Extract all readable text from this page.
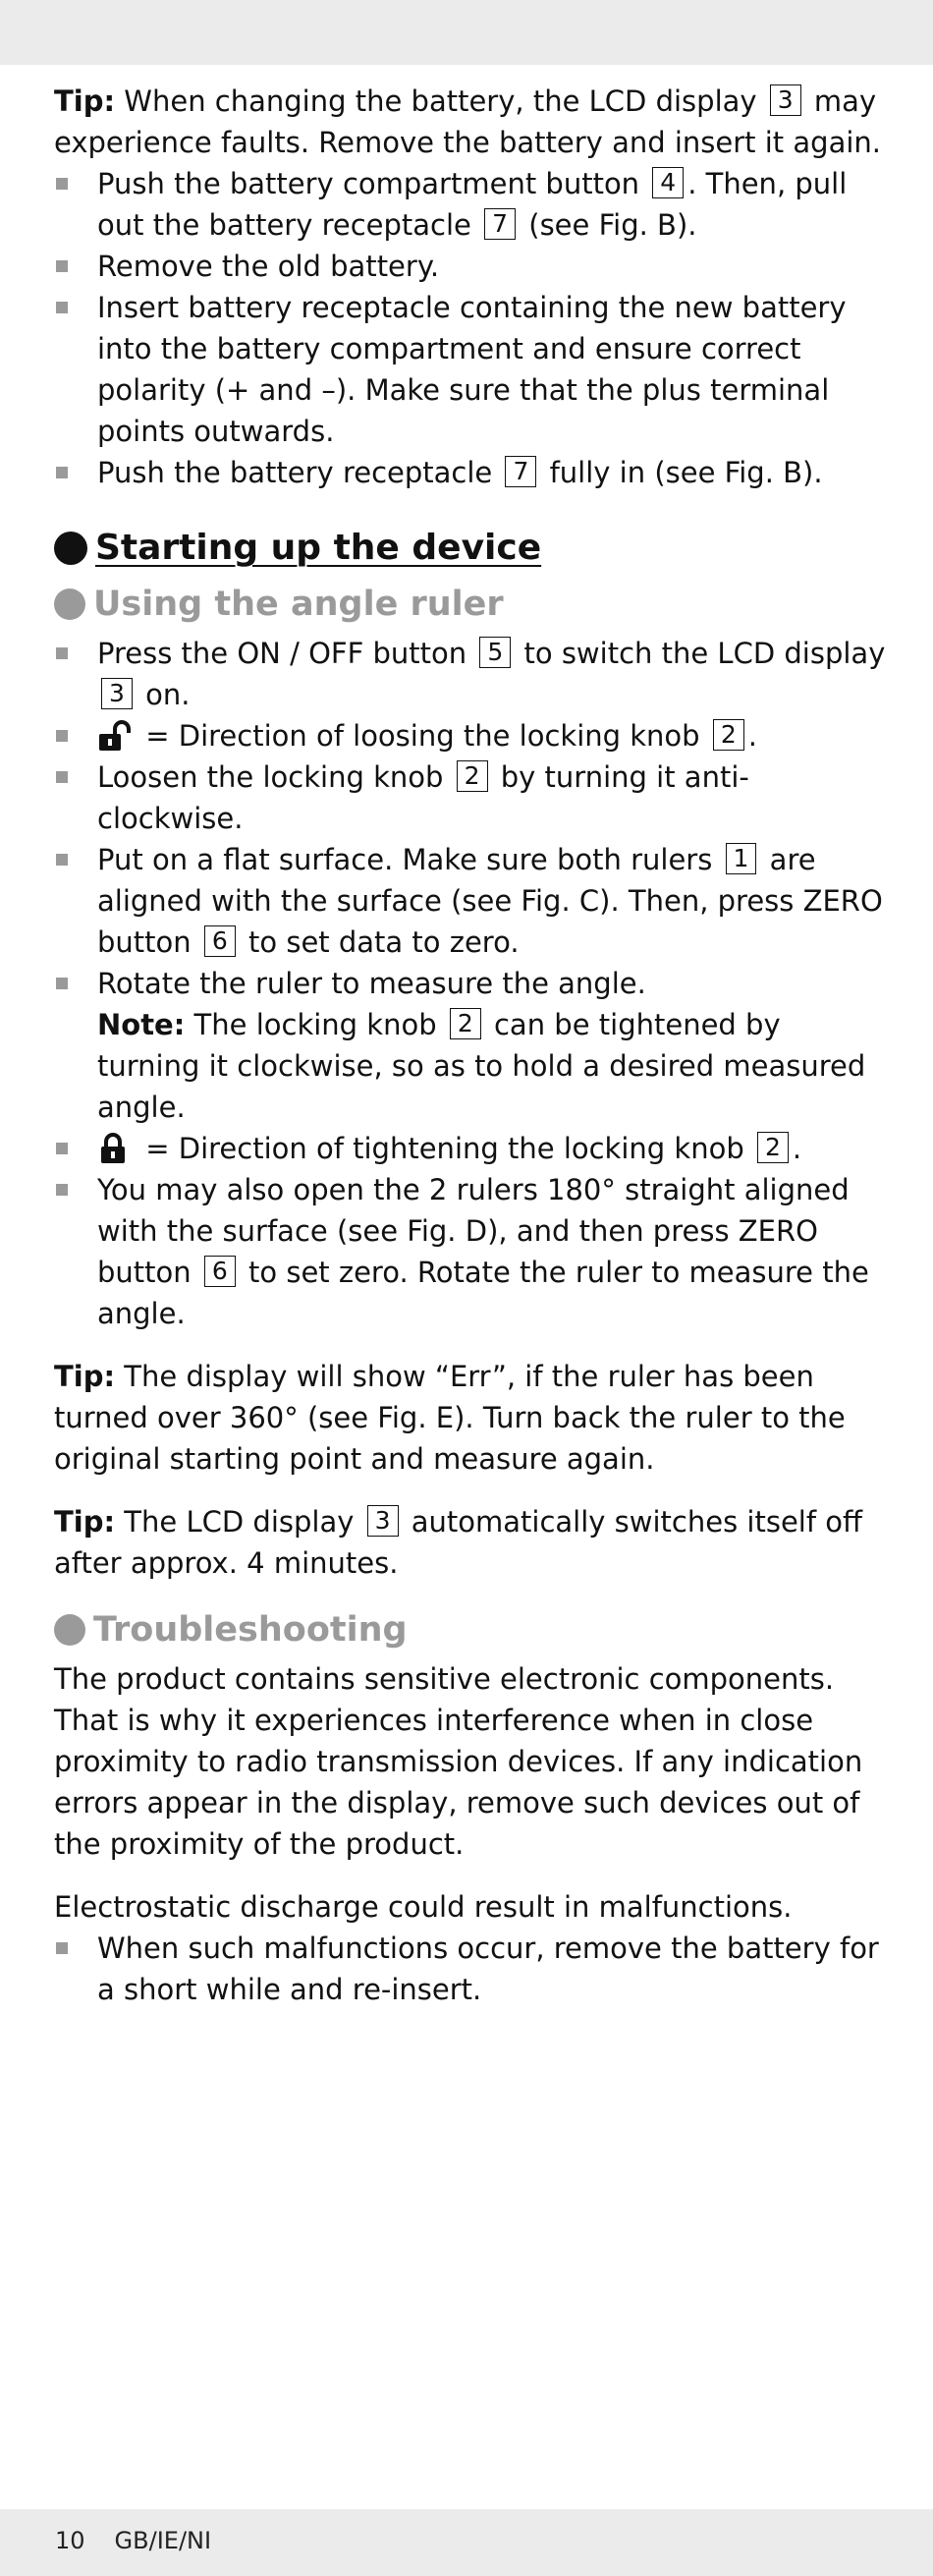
Tip: When changing the battery, the LCD display 3 may experience faults. Remove the battery and insert it again.

Push the battery compartment button 4 . Then, pull out the battery receptacle 7 (see Fig. B).
Remove the old battery.
Insert battery receptacle containing the new battery into the battery compartment and ensure correct polarity (+ and –). Make sure that the plus terminal points outwards.
Push the battery receptacle 7 fully in (see Fig. B).
Starting up the device
Using the angle ruler
Press the ON / OFF button 5 to switch the LCD display 3 on.
= Direction of loosing the locking knob 2 .
Loosen the locking knob 2 by turning it anti-clockwise.
Put on a flat surface. Make sure both rulers 1 are aligned with the surface (see Fig. C). Then, press ZERO button 6 to set data to zero.
Rotate the ruler to measure the angle.
Note: The locking knob 2 can be tightened by turning it clockwise, so as to hold a desired measured angle.
= Direction of tightening the locking knob 2 .
You may also open the 2 rulers 180° straight aligned with the surface (see Fig. D), and then press ZERO button 6 to set zero. Rotate the ruler to measure the angle.

Tip: The display will show “Err”, if the ruler has been turned over 360° (see Fig. E). Turn back the ruler to the original starting point and measure again.

Tip: The LCD display 3 automatically switches itself off after approx. 4 minutes.

Troubleshooting

The product contains sensitive electronic components. That is why it experiences interference when in close proximity to radio transmission devices. If any indication errors appear in the display, remove such devices out of the proximity of the product.

Electrostatic discharge could result in malfunctions.

When such malfunctions occur, remove the battery for a short while and re-insert.
10 GB/IE/NI
